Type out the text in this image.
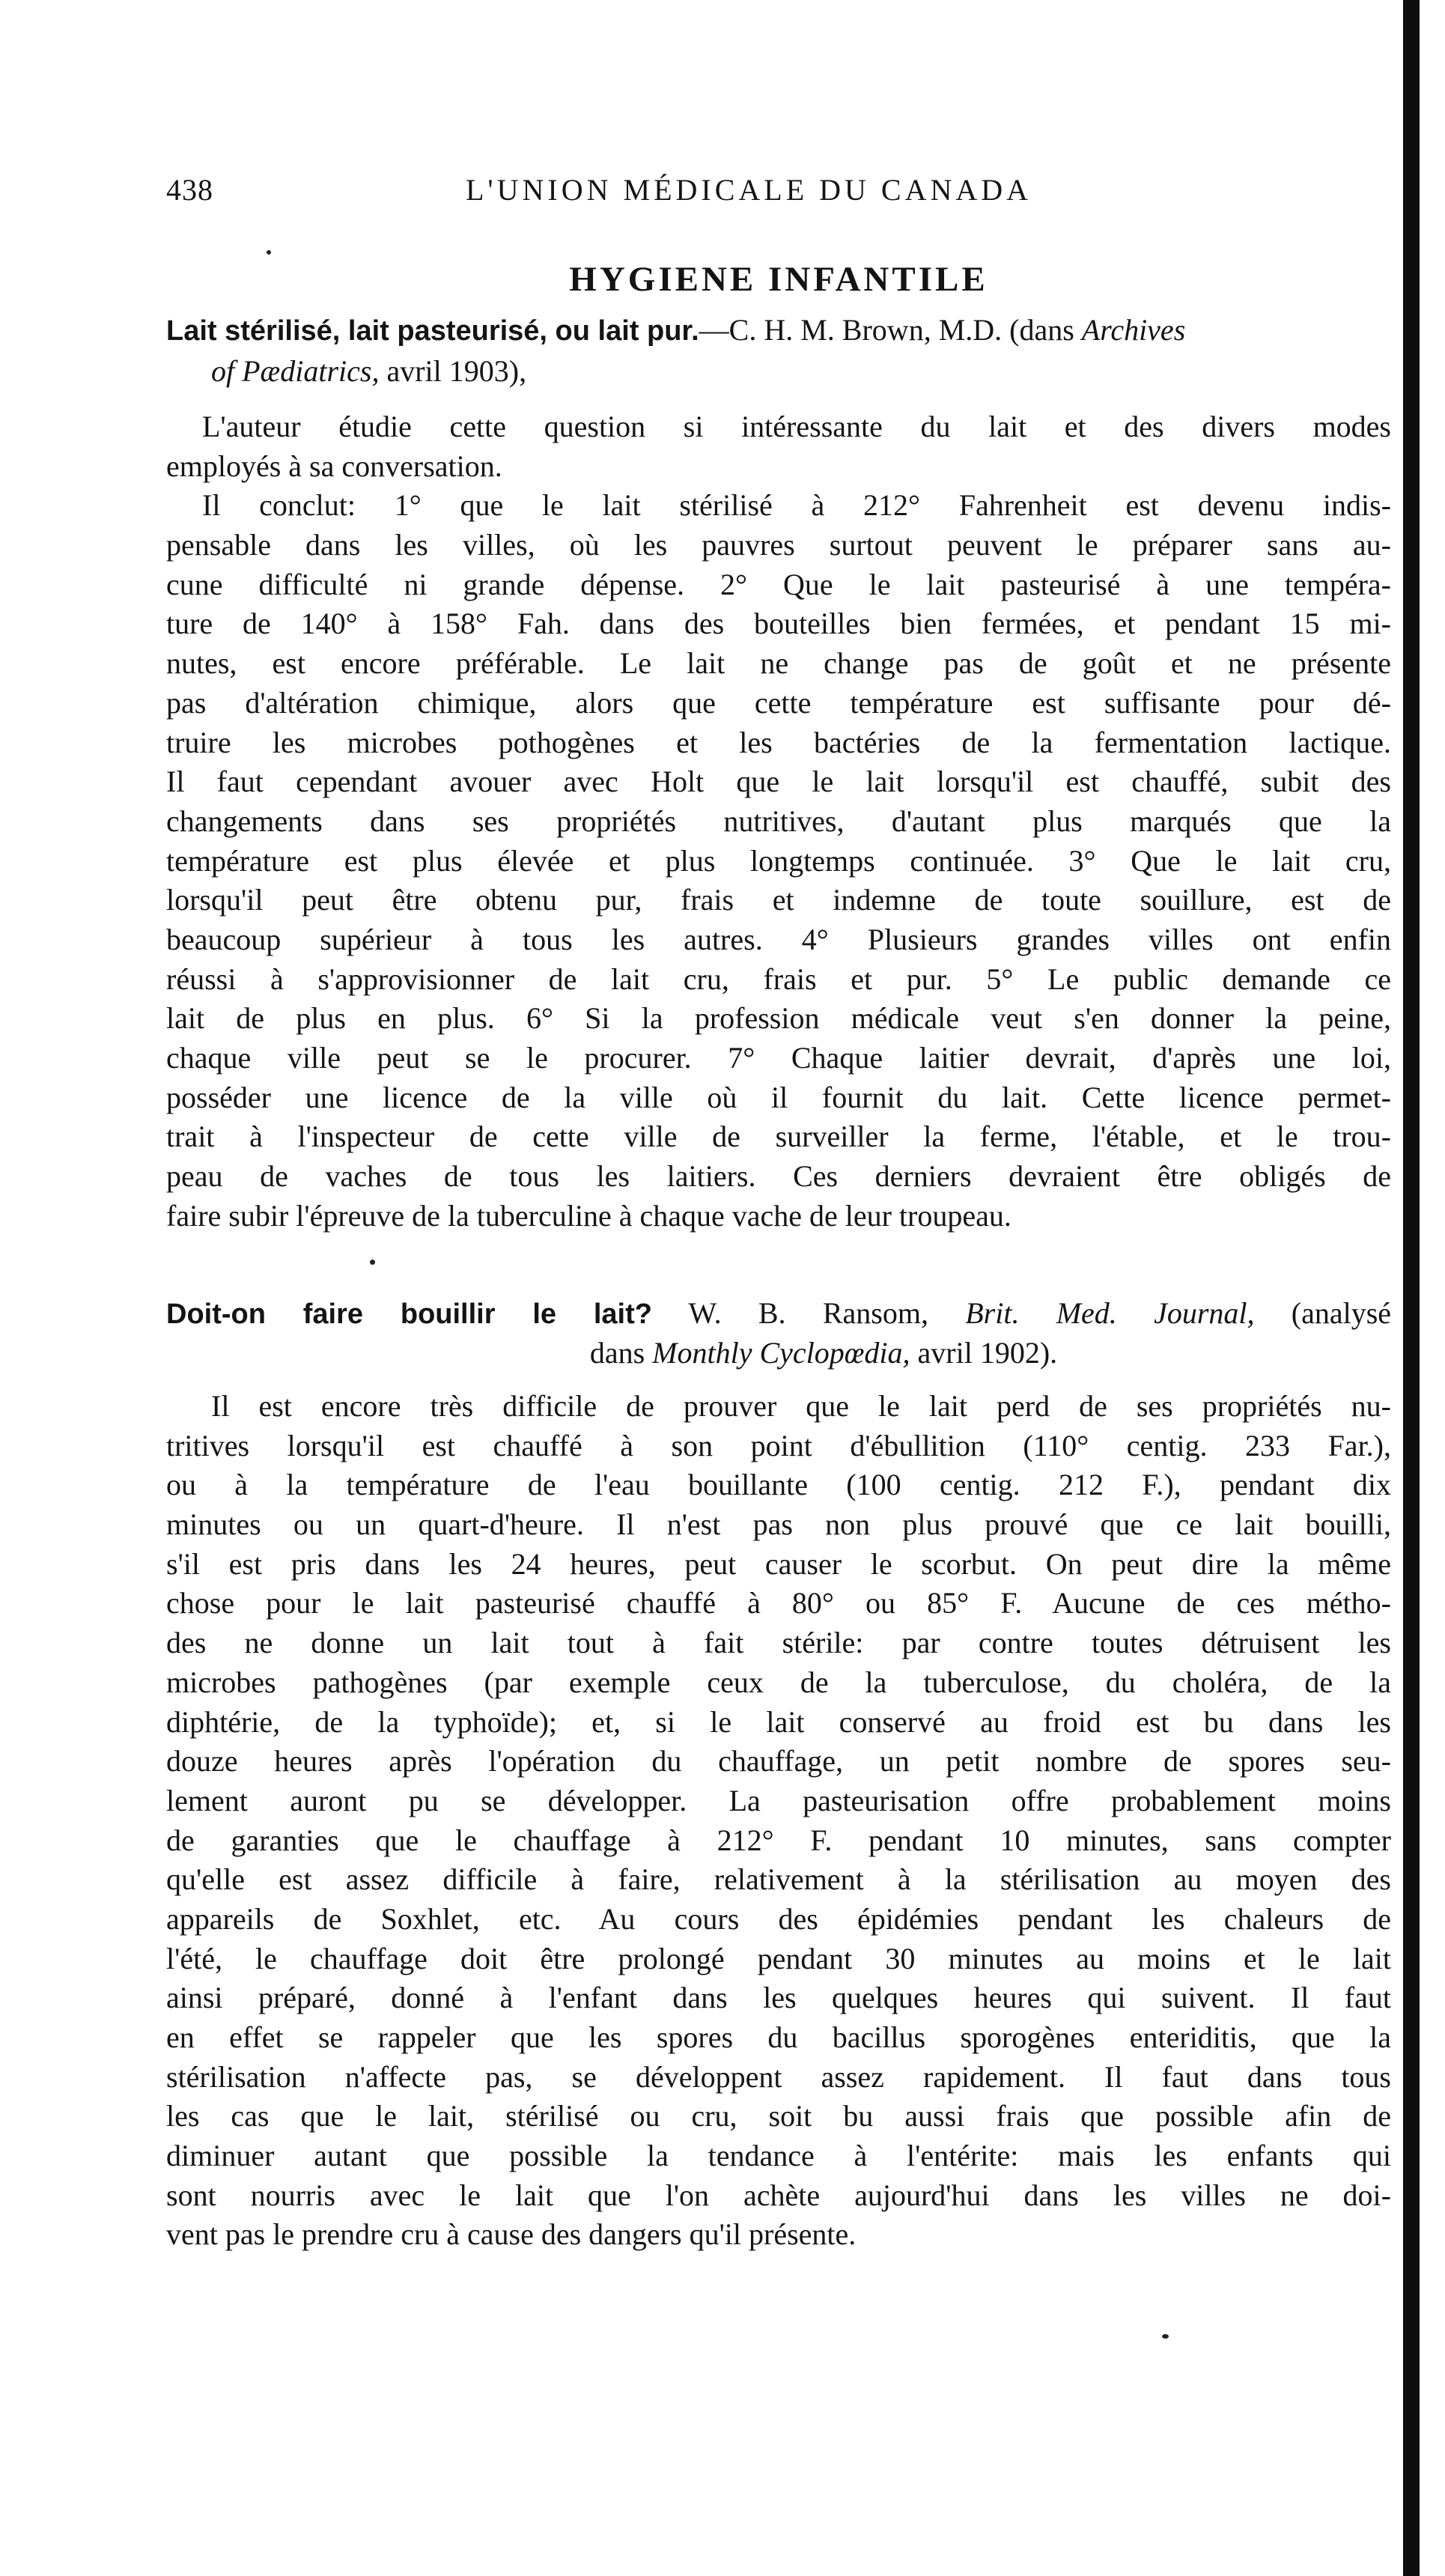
438	L'UNION MÉDICALE DU CANADA
HYGIENE INFANTILE
Lait stérilisé, lait pasteurisé, ou lait pur.—C. H. M. Brown, M.D. (dans Archives
of Pædiatrics, avril 1903),
L'auteur étudie cette question si intéressante du lait et des divers modes
employés à sa conversation.
Il conclut: 1° que le lait stérilisé à 212° Fahrenheit est devenu indis-
pensable dans les villes, où les pauvres surtout peuvent le préparer sans au-
cune difficulté ni grande dépense. 2° Que le lait pasteurisé à une tempéra-
ture de 140° à 158° Fah. dans des bouteilles bien fermées, et pendant 15 mi-
nutes, est encore préférable. Le lait ne change pas de goût et ne présente
pas d'altération chimique, alors que cette température est suffisante pour dé-
truire les microbes pothogènes et les bactéries de la fermentation lactique.
Il faut cependant avouer avec Holt que le lait lorsqu'il est chauffé, subit des
changements dans ses propriétés nutritives, d'autant plus marqués que la
température est plus élevée et plus longtemps continuée. 3° Que le lait cru,
lorsqu'il peut être obtenu pur, frais et indemne de toute souillure, est de
beaucoup supérieur à tous les autres. 4° Plusieurs grandes villes ont enfin
réussi à s'approvisionner de lait cru, frais et pur. 5° Le public demande ce
lait de plus en plus. 6° Si la profession médicale veut s'en donner la peine,
chaque ville peut se le procurer. 7° Chaque laitier devrait, d'après une loi,
posséder une licence de la ville où il fournit du lait. Cette licence permet-
trait à l'inspecteur de cette ville de surveiller la ferme, l'étable, et le trou-
peau de vaches de tous les laitiers. Ces derniers devraient être obligés de
faire subir l'épreuve de la tuberculine à chaque vache de leur troupeau.
Doit-on faire bouillir le lait? W. B. Ransom, Brit. Med. Journal, (analysé
dans Monthly Cyclopœdia, avril 1902).
Il est encore très difficile de prouver que le lait perd de ses propriétés nu-
tritives lorsqu'il est chauffé à son point d'ébullition (110° centig. 233 Far.),
ou à la température de l'eau bouillante (100 centig. 212 F.), pendant dix
minutes ou un quart-d'heure. Il n'est pas non plus prouvé que ce lait bouilli,
s'il est pris dans les 24 heures, peut causer le scorbut. On peut dire la même
chose pour le lait pasteurisé chauffé à 80° ou 85° F. Aucune de ces métho-
des ne donne un lait tout à fait stérile: par contre toutes détruisent les
microbes pathogènes (par exemple ceux de la tuberculose, du choléra, de la
diphtérie, de la typhoïde); et, si le lait conservé au froid est bu dans les
douze heures après l'opération du chauffage, un petit nombre de spores seu-
lement auront pu se développer. La pasteurisation offre probablement moins
de garanties que le chauffage à 212° F. pendant 10 minutes, sans compter
qu'elle est assez difficile à faire, relativement à la stérilisation au moyen des
appareils de Soxhlet, etc. Au cours des épidémies pendant les chaleurs de
l'été, le chauffage doit être prolongé pendant 30 minutes au moins et le lait
ainsi préparé, donné à l'enfant dans les quelques heures qui suivent. Il faut
en effet se rappeler que les spores du bacillus sporogènes enteriditis, que la
stérilisation n'affecte pas, se développent assez rapidement. Il faut dans tous
les cas que le lait, stérilisé ou cru, soit bu aussi frais que possible afin de
diminuer autant que possible la tendance à l'entérite: mais les enfants qui
sont nourris avec le lait que l'on achète aujourd'hui dans les villes ne doi-
vent pas le prendre cru à cause des dangers qu'il présente.
